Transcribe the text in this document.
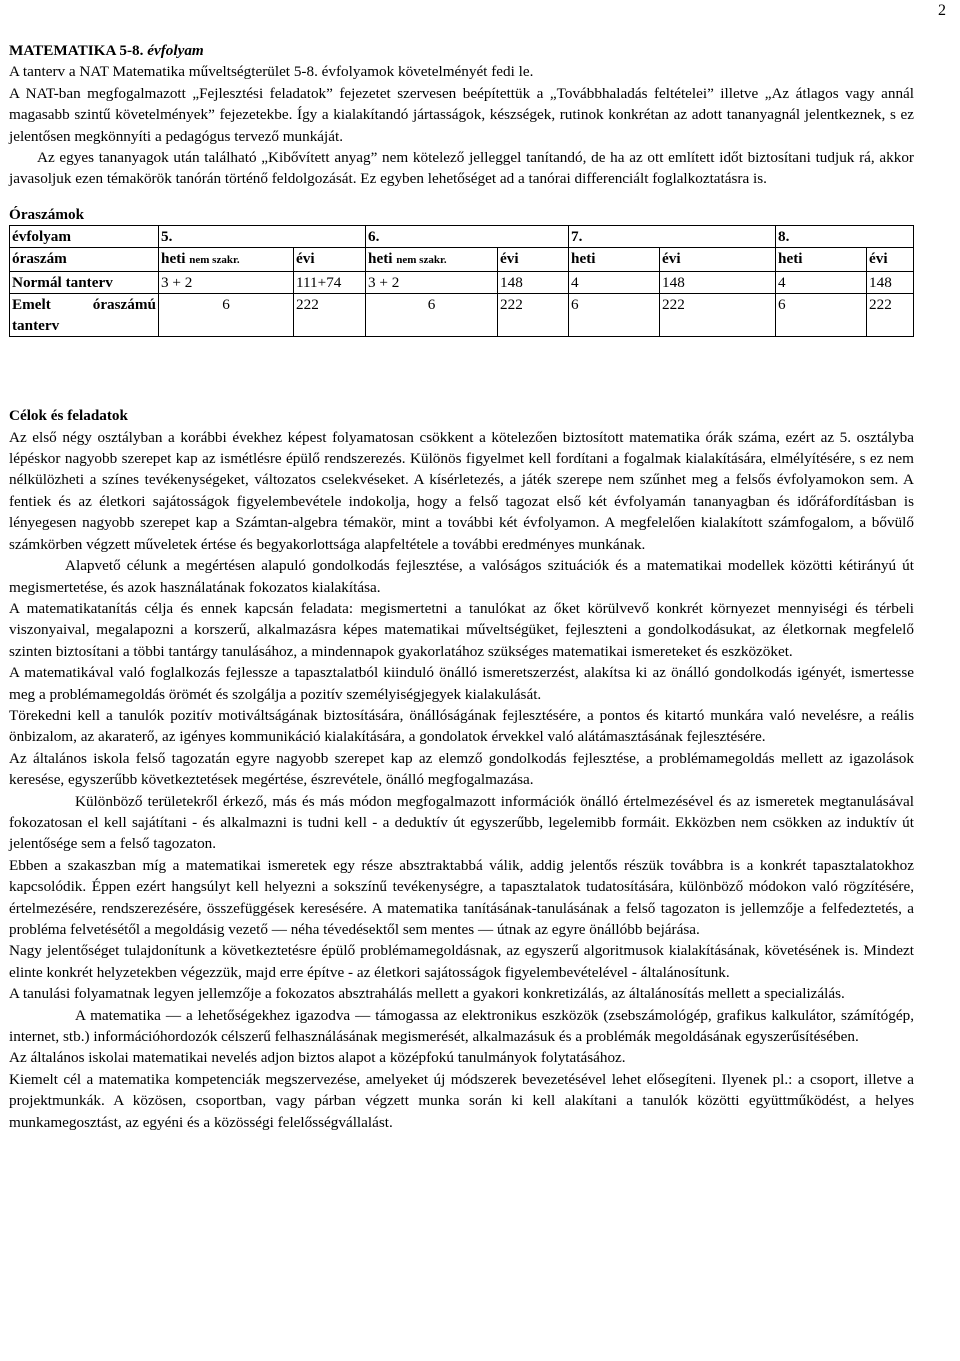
2

MATEMATIKA 5-8. évfolyam

A tanterv a NAT Matematika műveltségterület 5-8. évfolyamok követelményét fedi le.

A NAT-ban megfogalmazott „Fejlesztési feladatok” fejezetet szervesen beépítettük a „Továbbhaladás feltételei” illetve „Az átlagos vagy annál magasabb szintű követelmények” fejezetekbe. Így a kialakítandó jártasságok, készségek, rutinok konkrétan az adott tananyagnál jelentkeznek, s ez jelentősen megkönnyíti a pedagógus tervező munkáját.

Az egyes tananyagok után található „Kibővített anyag” nem kötelező jelleggel tanítandó, de ha az ott említett időt biztosítani tudjuk rá, akkor javasoljuk ezen témakörök tanórán történő feldolgozását. Ez egyben lehetőséget ad a tanórai differenciált foglalkoztatásra is.

Óraszámok

évfolyam	5.		6.		7.		8.	
óraszám	heti nem szakr.	évi	heti nem szakr.	évi	heti	évi	heti	évi
Normál tanterv	3 + 2	111+74	3 + 2	148	4	148	4	148
Emelt óraszámú tanterv	6	222	6	222	6	222	6	222

Célok és feladatok

Az első négy osztályban a korábbi évekhez képest folyamatosan csökkent a kötelezően biztosított matematika órák száma, ezért az 5. osztályba lépéskor nagyobb szerepet kap az ismétlésre épülő rendszerezés. Különös figyelmet kell fordítani a fogalmak kialakítására, elmélyítésére, s ez nem nélkülözheti a színes tevékenységeket, változatos cselekvéseket. A kísérletezés, a játék szerepe nem szűnhet meg a felsős évfolyamokon sem. A fentiek és az életkori sajátosságok figyelembevétele indokolja, hogy a felső tagozat első két évfolyamán tananyagban és időráfordításban is lényegesen nagyobb szerepet kap a Számtan-algebra témakör, mint a további két évfolyamon. A megfelelően kialakított számfogalom, a bővülő számkörben végzett műveletek értése és begyakorlottsága alapfeltétele a további eredményes munkának.

Alapvető célunk a megértésen alapuló gondolkodás fejlesztése, a valóságos szituációk és a matematikai modellek közötti kétirányú út megismertetése, és azok használatának fokozatos kialakítása.

A matematikatanítás célja és ennek kapcsán feladata: megismertetni a tanulókat az őket körülvevő konkrét környezet mennyiségi és térbeli viszonyaival, megalapozni a korszerű, alkalmazásra képes matematikai műveltségüket, fejleszteni a gondolkodásukat, az életkornak megfelelő szinten biztosítani a többi tantárgy tanulásához, a mindennapok gyakorlatához szükséges matematikai ismereteket és eszközöket.

A matematikával való foglalkozás fejlessze a tapasztalatból kiinduló önálló ismeretszerzést, alakítsa ki az önálló gondolkodás igényét, ismertesse meg a problémamegoldás örömét és szolgálja a pozitív személyiségjegyek kialakulását.

Törekedni kell a tanulók pozitív motiváltságának biztosítására, önállóságának fejlesztésére, a pontos és kitartó munkára való nevelésre, a reális önbizalom, az akaraterő, az igényes kommunikáció kialakítására, a gondolatok érvekkel való alátámasztásának fejlesztésére.

Az általános iskola felső tagozatán egyre nagyobb szerepet kap az elemző gondolkodás fejlesztése, a problémamegoldás mellett az igazolások keresése, egyszerűbb következtetések megértése, észrevétele, önálló megfogalmazása.

Különböző területekről érkező, más és más módon megfogalmazott információk önálló értelmezésével és az ismeretek megtanulásával fokozatosan el kell sajátítani - és alkalmazni is tudni kell - a deduktív út egyszerűbb, legelemibb formáit. Ekközben nem csökken az induktív út jelentősége sem a felső tagozaton.

Ebben a szakaszban míg a matematikai ismeretek egy része absztraktabbá válik, addig jelentős részük továbbra is a konkrét tapasztalatokhoz kapcsolódik. Éppen ezért hangsúlyt kell helyezni a sokszínű tevékenységre, a tapasztalatok tudatosítására, különböző módokon való rögzítésére, értelmezésére, rendszerezésére, összefüggések keresésére. A matematika tanításának-tanulásának a felső tagozaton is jellemzője a felfedeztetés, a probléma felvetésétől a megoldásig vezető — néha tévedésektől sem mentes — útnak az egyre önállóbb bejárása.

Nagy jelentőséget tulajdonítunk a következtetésre épülő problémamegoldásnak, az egyszerű algoritmusok kialakításának, követésének is. Mindezt elinte konkrét helyzetekben végezzük, majd erre építve - az életkori sajátosságok figyelembevételével - általánosítunk.

A tanulási folyamatnak legyen jellemzője a fokozatos absztrahálás mellett a gyakori konkretizálás, az általánosítás mellett a specializálás.

A matematika — a lehetőségekhez igazodva — támogassa az elektronikus eszközök (zsebszámológép, grafikus kalkulátor, számítógép, internet, stb.) információhordozók célszerű felhasználásának megismerését, alkalmazásuk és a problémák megoldásának egyszerűsítésében.

Az általános iskolai matematikai nevelés adjon biztos alapot a középfokú tanulmányok folytatásához.

Kiemelt cél a matematika kompetenciák megszervezése, amelyeket új módszerek bevezetésével lehet elősegíteni. Ilyenek pl.: a csoport, illetve a projektmunkák. A közösen, csoportban, vagy párban végzett munka során ki kell alakítani a tanulók közötti együttműködést, a helyes munkamegosztást, az egyéni és a közösségi felelősségvállalást.
